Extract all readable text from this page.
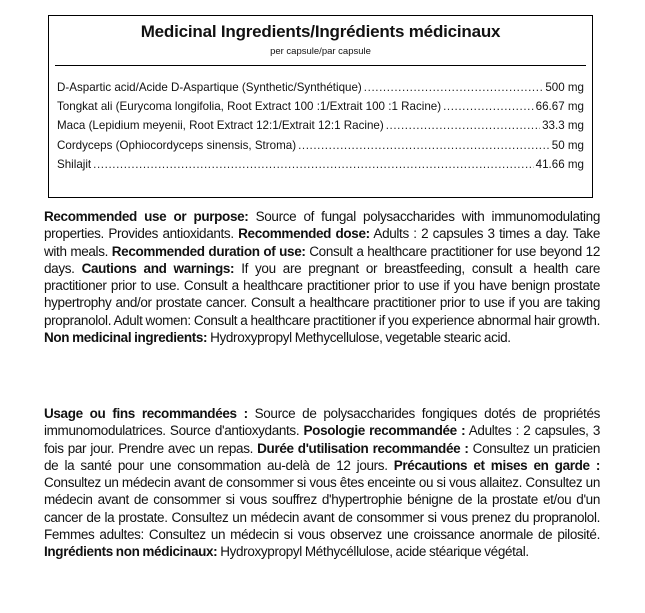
Medicinal Ingredients/Ingrédients médicinaux
per capsule/par capsule
D-Aspartic acid/Acide D-Aspartique (Synthetic/Synthétique) .....	500 mg
Tongkat ali (Eurycoma longifolia, Root Extract 100 :1/Extrait 100 :1 Racine) .....	66.67 mg
Maca (Lepidium meyenii, Root Extract 12:1/Extrait 12:1 Racine) .....	33.3 mg
Cordyceps (Ophiocordyceps sinensis, Stroma) .....	50 mg
Shilajit .....	41.66 mg

Recommended use or purpose: Source of fungal polysaccharides with immunomodulating properties. Provides antioxidants. Recommended dose: Adults : 2 capsules 3 times a day. Take with meals. Recommended duration of use: Consult a healthcare practitioner for use beyond 12 days. Cautions and warnings: If you are pregnant or breastfeeding, consult a health care practitioner prior to use. Consult a healthcare practitioner prior to use if you have benign prostate hypertrophy and/or prostate cancer. Consult a healthcare practitioner prior to use if you are taking propranolol. Adult women: Consult a healthcare practitioner if you experience abnormal hair growth. Non medicinal ingredients: Hydroxypropyl Methycellulose, vegetable stearic acid.

Usage ou fins recommandées : Source de polysaccharides fongiques dotés de propriétés immunomodulatrices. Source d'antioxydants. Posologie recommandée : Adultes : 2 capsules, 3 fois par jour. Prendre avec un repas. Durée d'utilisation recommandée : Consultez un praticien de la santé pour une consommation au-delà de 12 jours. Précautions et mises en garde : Consultez un médecin avant de consommer si vous êtes enceinte ou si vous allaitez. Consultez un médecin avant de consommer si vous souffrez d'hypertrophie bénigne de la prostate et/ou d'un cancer de la prostate. Consultez un médecin avant de consommer si vous prenez du propranolol. Femmes adultes: Consultez un médecin si vous observez une croissance anormale de pilosité. Ingrédients non médicinaux: Hydroxypropyl Méthycéllulose, acide stéarique végétal.
